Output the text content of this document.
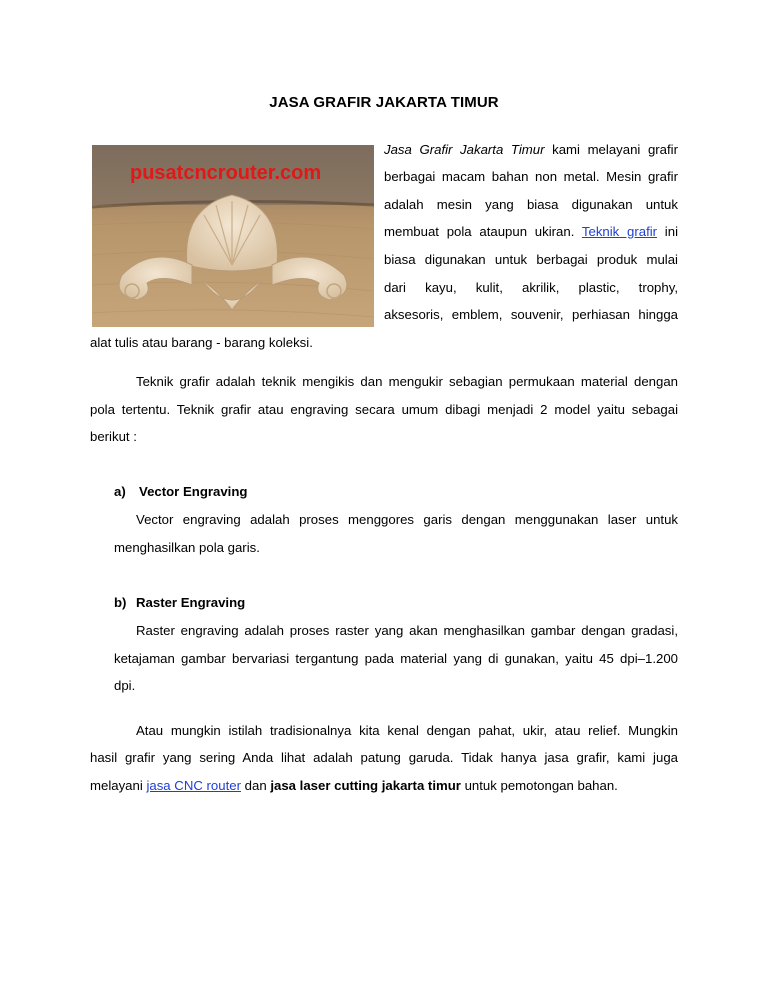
JASA GRAFIR JAKARTA TIMUR
pusatcncrouter.com
Jasa Grafir Jakarta Timur kami melayani grafir
berbagai macam bahan non metal. Mesin grafir
adalah mesin yang biasa digunakan untuk
membuat pola ataupun ukiran. Teknik grafir ini
biasa digunakan untuk berbagai produk mulai
dari kayu, kulit, akrilik, plastic, trophy,
aksesoris, emblem, souvenir, perhiasan hingga
alat tulis atau barang - barang koleksi.
Teknik grafir adalah teknik mengikis dan mengukir sebagian permukaan material dengan
pola tertentu. Teknik grafir atau engraving secara umum dibagi menjadi 2 model yaitu sebagai
berikut :
a) Vector Engraving
Vector engraving adalah proses menggores garis dengan menggunakan laser untuk
menghasilkan pola garis.
b) Raster Engraving
Raster engraving adalah proses raster yang akan menghasilkan gambar dengan gradasi,
ketajaman gambar bervariasi tergantung pada material yang di gunakan, yaitu 45 dpi–1.200
dpi.
Atau mungkin istilah tradisionalnya kita kenal dengan pahat, ukir, atau relief. Mungkin
hasil grafir yang sering Anda lihat adalah patung garuda. Tidak hanya jasa grafir, kami juga
melayani jasa CNC router dan jasa laser cutting jakarta timur untuk pemotongan bahan.
